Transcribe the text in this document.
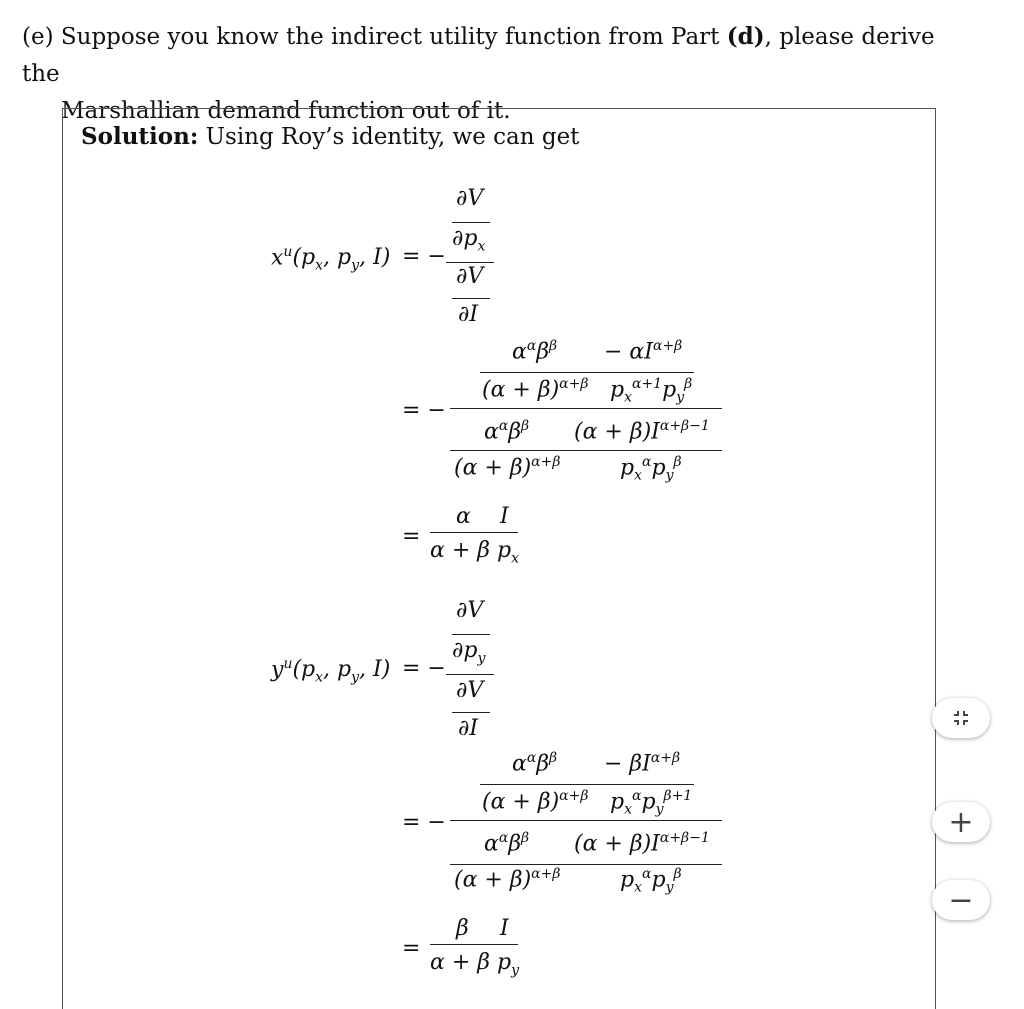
(e) Suppose you know the indirect utility function from Part (d), please derive the
Marshallian demand function out of it.
Solution: Using Roy’s identity, we can get
$x^u(p_x$, $p_y$, I) = −
∂V
$\partial p_x$
∂V
∂I
$\alpha^\alpha\beta^\beta - \alpha I^{\alpha+\beta}$
$(\alpha + \beta)^{\alpha+\beta}$ $p_x^{\alpha+1}p_y^\beta$
= −
$\alpha^\alpha\beta^\beta$ $(\alpha + \beta)I^{\alpha+\beta-1}$
$(\alpha + \beta)^{\alpha+\beta}$	$p_x^\alpha p_y^\beta$
=
α I
α + β $p_x$
$y^u(p_x$, $p_y$, I) = −
∂V
$\partial p_y$
∂V
∂I
$\alpha^\alpha\beta^\beta - \beta I^{\alpha+\beta}$
$(\alpha + \beta)^{\alpha+\beta}$ $p_x^\alpha p_y^{\beta+1}$
= −
$\alpha^\alpha\beta^\beta$ $(\alpha + \beta)I^{\alpha+\beta-1}$
$(\alpha + \beta)^{\alpha+\beta}$	$p_x^\alpha p_y^\beta$
=
β I
α + β $p_y$
+
−
